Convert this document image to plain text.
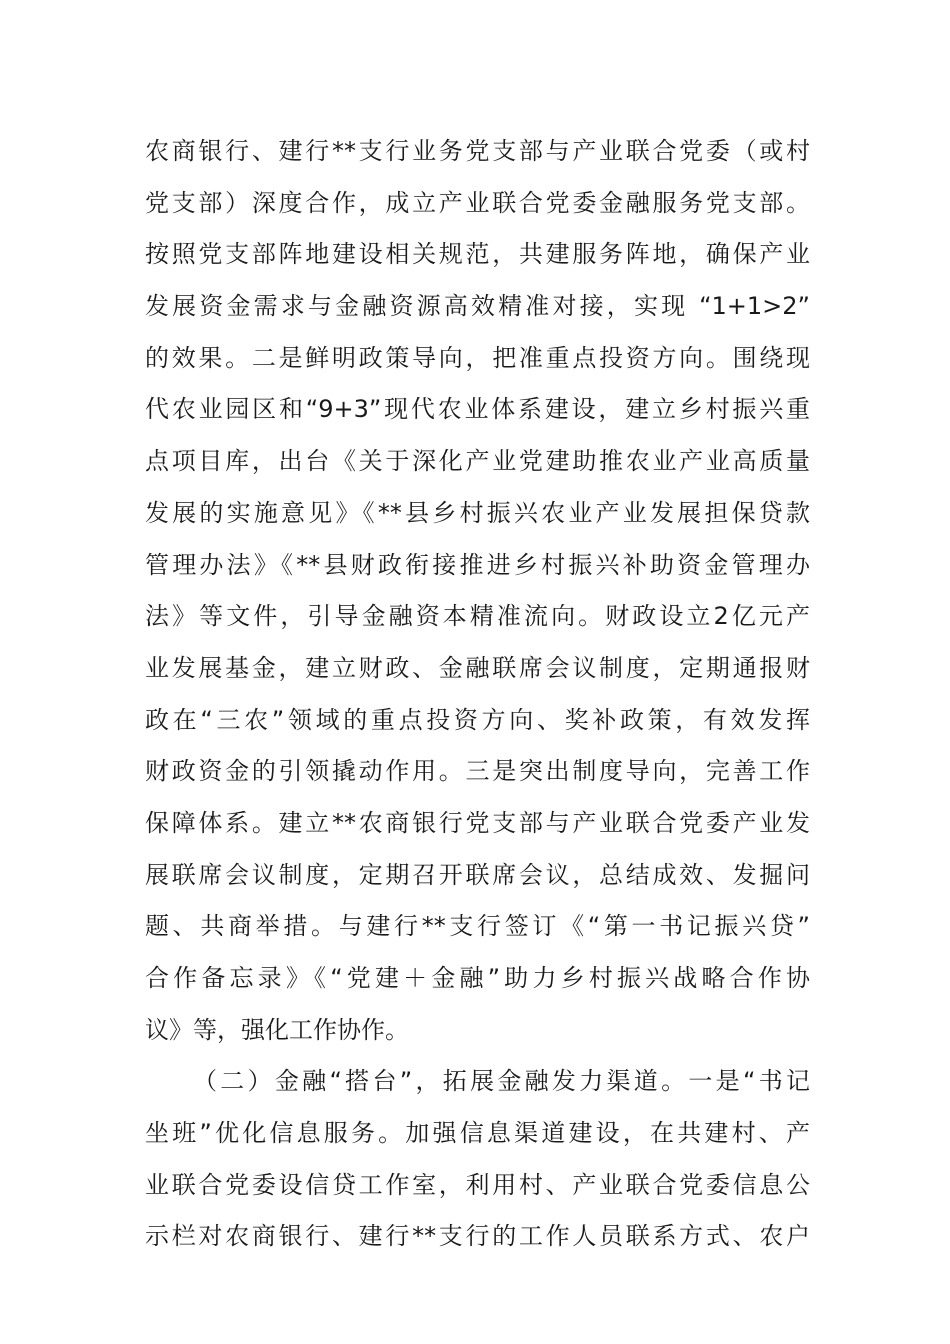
农商银行、建行**支行业务党支部与产业联合党委（或村
党支部）深度合作，成立产业联合党委金融服务党支部。
按照党支部阵地建设相关规范，共建服务阵地，确保产业
发展资金需求与金融资源高效精准对接，实现 “1+1>2”
的效果。二是鲜明政策导向，把准重点投资方向。围绕现
代农业园区和“9+3”现代农业体系建设，建立乡村振兴重
点项目库，出台《关于深化产业党建助推农业产业高质量
发展的实施意见》《**县乡村振兴农业产业发展担保贷款
管理办法》《**县财政衔接推进乡村振兴补助资金管理办
法》等文件，引导金融资本精准流向。财政设立2亿元产
业发展基金，建立财政、金融联席会议制度，定期通报财
政在“三农”领域的重点投资方向、奖补政策，有效发挥
财政资金的引领撬动作用。三是突出制度导向，完善工作
保障体系。建立**农商银行党支部与产业联合党委产业发
展联席会议制度，定期召开联席会议，总结成效、发掘问
题、共商举措。与建行**支行签订《“第一书记振兴贷”
合作备忘录》《“党建＋金融”助力乡村振兴战略合作协
议》等，强化工作协作。
（二）金融“搭台”，拓展金融发力渠道。一是“书记
坐班”优化信息服务。加强信息渠道建设，在共建村、产
业联合党委设信贷工作室，利用村、产业联合党委信息公
示栏对农商银行、建行**支行的工作人员联系方式、农户
